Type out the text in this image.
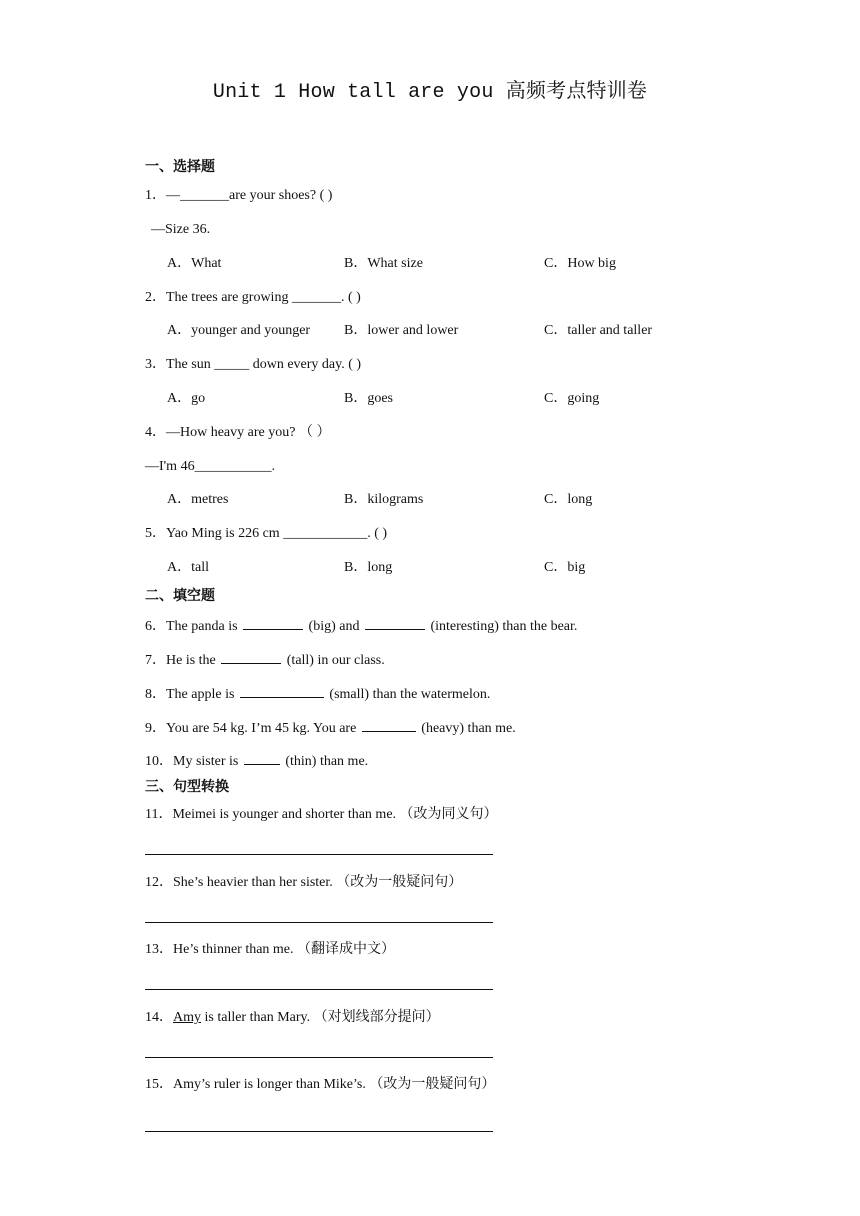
Unit 1 How tall are you 高频考点特训卷
一、选择题
1．—_______are your shoes? ( )
—Size 36.
A．What	B．What size	C．How big
2．The trees are growing _______. ( )
A．younger and younger B．lower and lower	C．taller and taller
3．The sun _____ down every day. ( )
A．go	B．goes	C．going
4．—How heavy are you? （ ）
—I'm 46___________.
A．metres	B．kilograms	C．long
5．Yao Ming is 226 cm ____________. ( )
A．tall	B．long	C．big
二、填空题
6．The panda is	(big) and	(interesting) than the bear.
7．He is the	(tall) in our class.
8．The apple is	(small) than the watermelon.
9．You are 54 kg. I’m 45 kg. You are	(heavy) than me.
10．My sister is	(thin) than me.
三、句型转换
11．Meimei is younger and shorter than me. （改为同义句）
12．She’s heavier than her sister. （改为一般疑问句）
13．He’s thinner than me. （翻译成中文）
14．Amy is taller than Mary. （对划线部分提问）
15．Amy’s ruler is longer than Mike’s. （改为一般疑问句）
